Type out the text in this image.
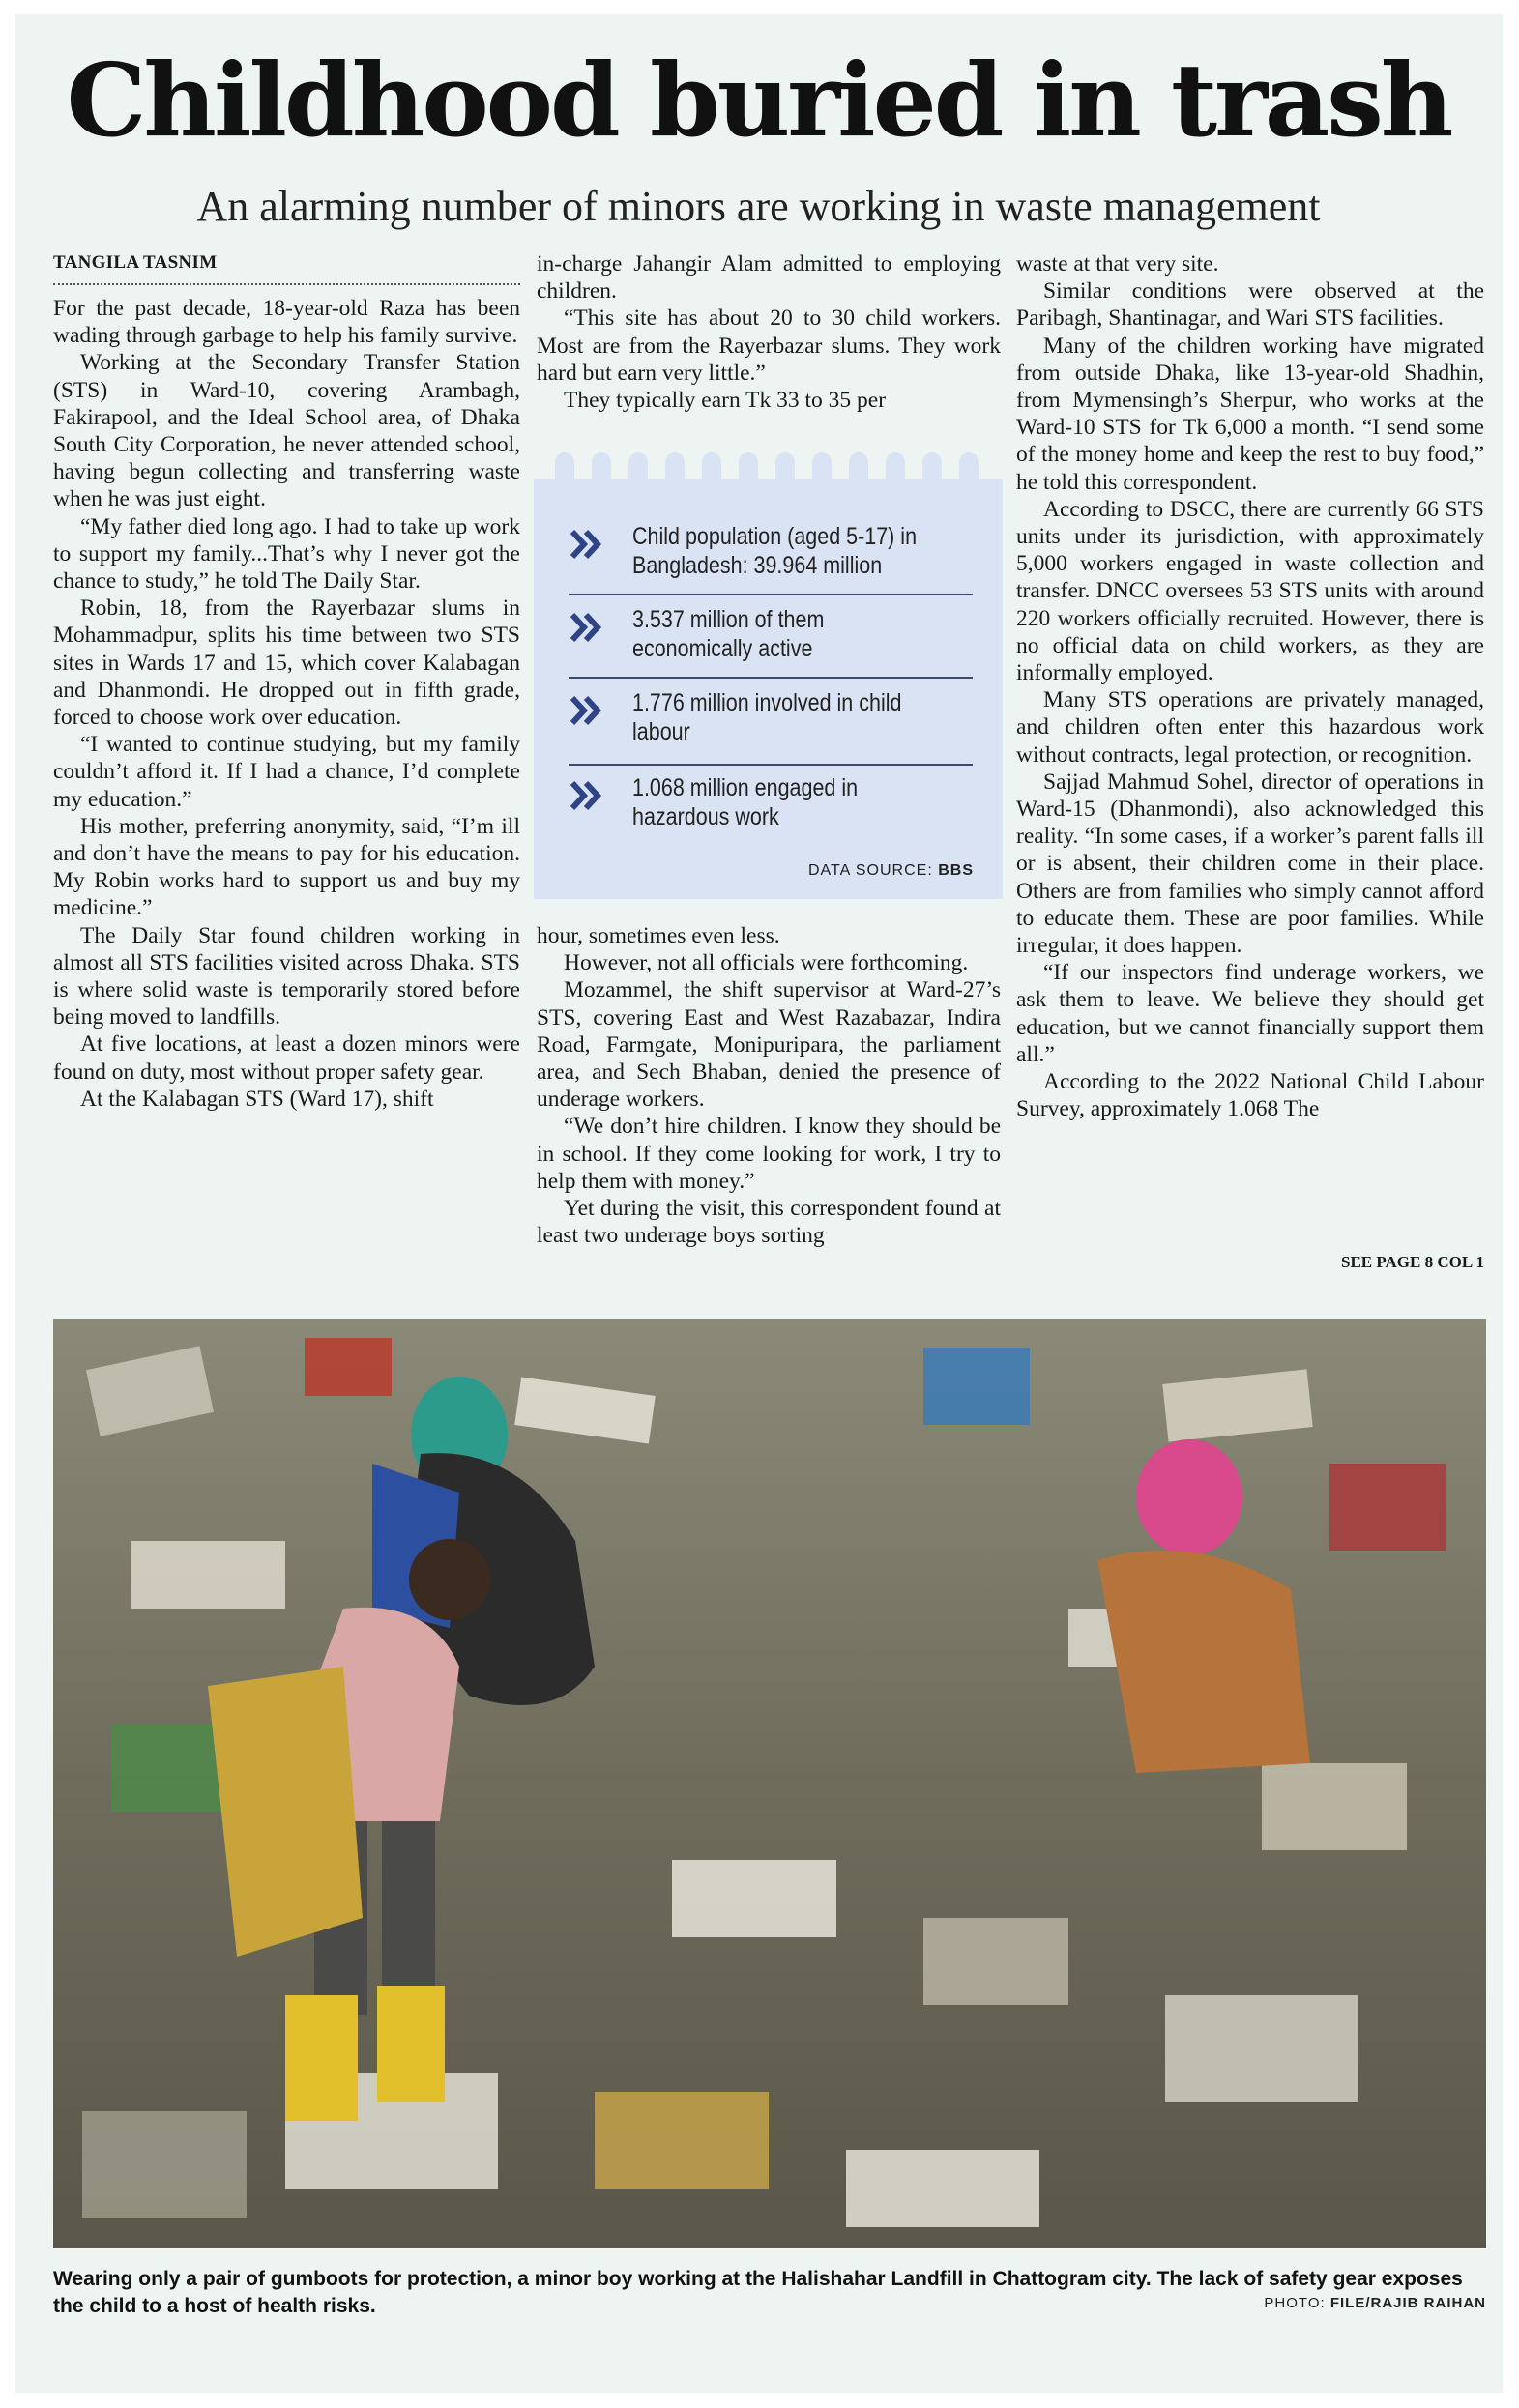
Childhood buried in trash
An alarming number of minors are working in waste management
TANGILA TASNIM

For the past decade, 18-year-old Raza has been wading through garbage to help his family survive.

Working at the Secondary Transfer Station (STS) in Ward-10, covering Arambagh, Fakirapool, and the Ideal School area, of Dhaka South City Corporation, he never attended school, having begun collecting and transferring waste when he was just eight.

“My father died long ago. I had to take up work to support my family...That’s why I never got the chance to study,” he told The Daily Star.

Robin, 18, from the Rayerbazar slums in Mohammadpur, splits his time between two STS sites in Wards 17 and 15, which cover Kalabagan and Dhanmondi. He dropped out in fifth grade, forced to choose work over education.

“I wanted to continue studying, but my family couldn’t afford it. If I had a chance, I’d complete my education.”

His mother, preferring anonymity, said, “I’m ill and don’t have the means to pay for his education. My Robin works hard to support us and buy my medicine.”

The Daily Star found children working in almost all STS facilities visited across Dhaka. STS is where solid waste is temporarily stored before being moved to landfills.

At five locations, at least a dozen minors were found on duty, most without proper safety gear.

At the Kalabagan STS (Ward 17), shift

in-charge Jahangir Alam admitted to employing children.

“This site has about 20 to 30 child workers. Most are from the Rayerbazar slums. They work hard but earn very little.”

They typically earn Tk 33 to 35 per

Child population (aged 5-17) in
Bangladesh: 39.964 million
3.537 million of them
economically active
1.776 million involved in child
labour
1.068 million engaged in
hazardous work
DATA SOURCE: BBS

hour, sometimes even less.

However, not all officials were forthcoming.

Mozammel, the shift supervisor at Ward-27’s STS, covering East and West Razabazar, Indira Road, Farmgate, Monipuripara, the parliament area, and Sech Bhaban, denied the presence of underage workers.

“We don’t hire children. I know they should be in school. If they come looking for work, I try to help them with money.”

Yet during the visit, this correspondent found at least two underage boys sorting

waste at that very site.

Similar conditions were observed at the Paribagh, Shantinagar, and Wari STS facilities.

Many of the children working have migrated from outside Dhaka, like 13-year-old Shadhin, from Mymensingh’s Sherpur, who works at the Ward-10 STS for Tk 6,000 a month. “I send some of the money home and keep the rest to buy food,” he told this correspondent.

According to DSCC, there are currently 66 STS units under its jurisdiction, with approximately 5,000 workers engaged in waste collection and transfer. DNCC oversees 53 STS units with around 220 workers officially recruited. However, there is no official data on child workers, as they are informally employed.

Many STS operations are privately managed, and children often enter this hazardous work without contracts, legal protection, or recognition.

Sajjad Mahmud Sohel, director of operations in Ward-15 (Dhanmondi), also acknowledged this reality. “In some cases, if a worker’s parent falls ill or is absent, their children come in their place. Others are from families who simply cannot afford to educate them. These are poor families. While irregular, it does happen.

“If our inspectors find underage workers, we ask them to leave. We believe they should get education, but we cannot financially support them all.”

According to the 2022 National Child Labour Survey, approximately 1.068 The

SEE PAGE 8 COL 1
Wearing only a pair of gumboots for protection, a minor boy working at the Halishahar Landfill in Chattogram city. The lack of safety gear exposes the child to a host of health risks.	PHOTO: FILE/RAJIB RAIHAN
